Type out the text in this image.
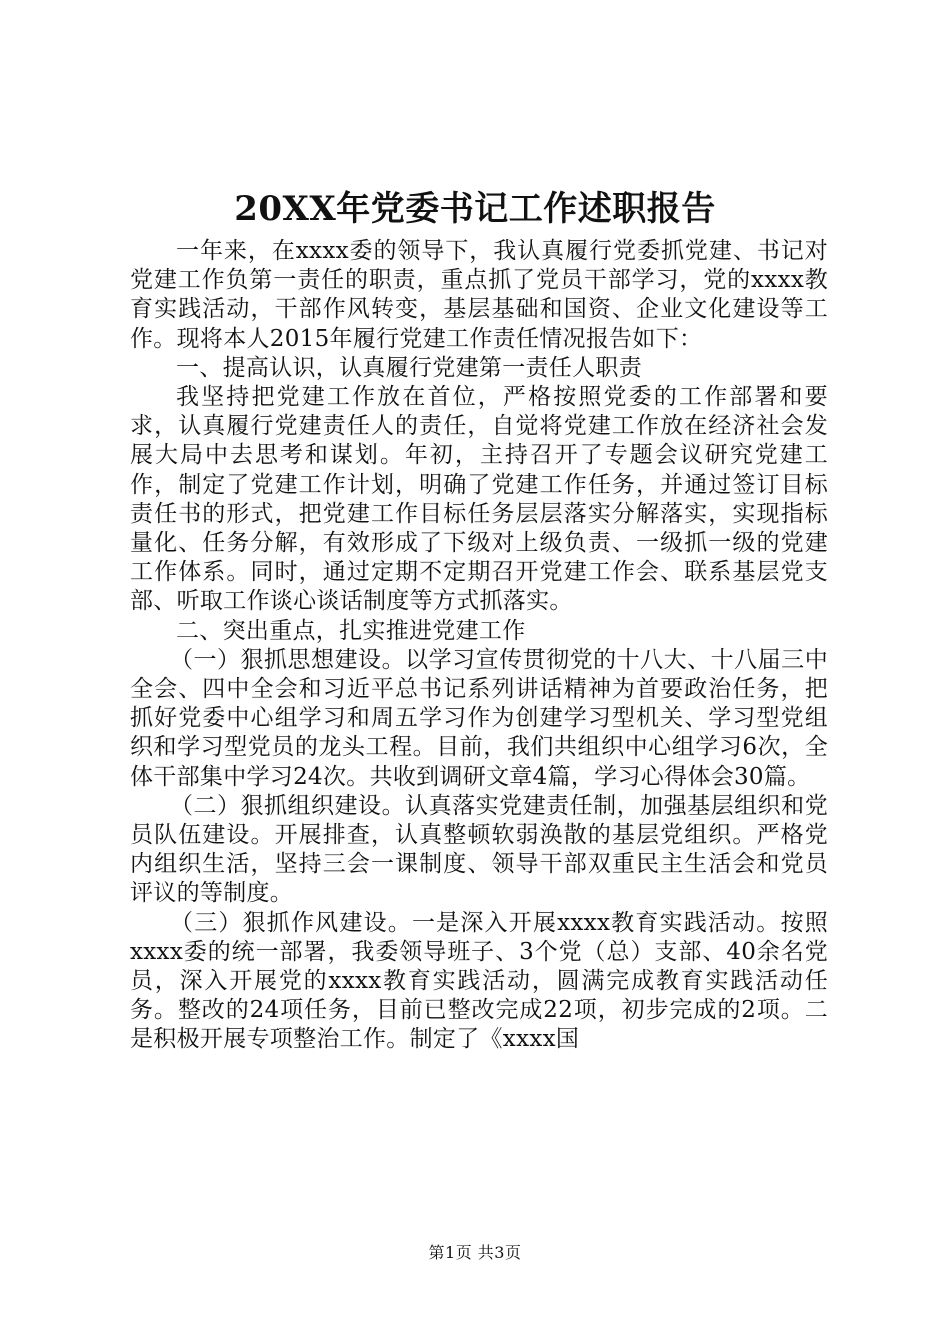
20XX年党委书记工作述职报告

一年来，在xxxx委的领导下，我认真履行党委抓党建、书记对党建工作负第一责任的职责，重点抓了党员干部学习，党的xxxx教育实践活动，干部作风转变，基层基础和国资、企业文化建设等工作。现将本人2015年履行党建工作责任情况报告如下：

一、提高认识，认真履行党建第一责任人职责

我坚持把党建工作放在首位，严格按照党委的工作部署和要求，认真履行党建责任人的责任，自觉将党建工作放在经济社会发展大局中去思考和谋划。年初，主持召开了专题会议研究党建工作，制定了党建工作计划，明确了党建工作任务，并通过签订目标责任书的形式，把党建工作目标任务层层落实分解落实，实现指标量化、任务分解，有效形成了下级对上级负责、一级抓一级的党建工作体系。同时，通过定期不定期召开党建工作会、联系基层党支部、听取工作谈心谈话制度等方式抓落实。

二、突出重点，扎实推进党建工作

（一）狠抓思想建设。以学习宣传贯彻党的十八大、十八届三中全会、四中全会和习近平总书记系列讲话精神为首要政治任务，把抓好党委中心组学习和周五学习作为创建学习型机关、学习型党组织和学习型党员的龙头工程。目前，我们共组织中心组学习6次，全体干部集中学习24次。共收到调研文章4篇，学习心得体会30篇。

（二）狠抓组织建设。认真落实党建责任制，加强基层组织和党员队伍建设。开展排查，认真整顿软弱涣散的基层党组织。严格党内组织生活，坚持三会一课制度、领导干部双重民主生活会和党员评议的等制度。

（三）狠抓作风建设。一是深入开展xxxx教育实践活动。按照xxxx委的统一部署，我委领导班子、3个党（总）支部、40余名党员，深入开展党的xxxx教育实践活动，圆满完成教育实践活动任务。整改的24项任务，目前已整改完成22项，初步完成的2项。二是积极开展专项整治工作。制定了《xxxx国

第1页 共3页
